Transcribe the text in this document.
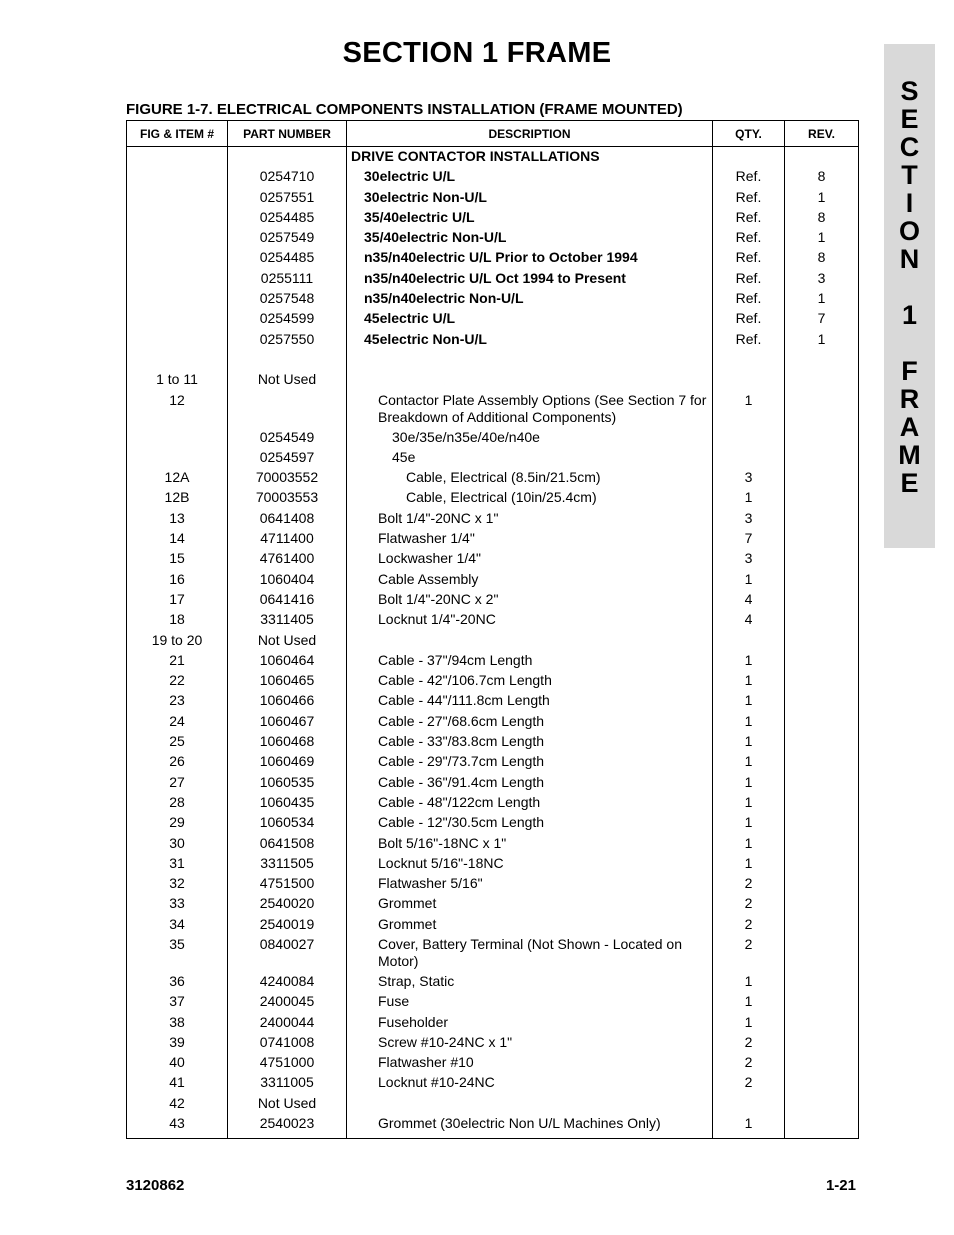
SECTION 1 FRAME
S
E
C
T
I
O
N
1
F
R
A
M
E
FIGURE 1-7. ELECTRICAL COMPONENTS INSTALLATION (FRAME MOUNTED)
FIG & ITEM #	PART NUMBER	DESCRIPTION	QTY.	REV.

		DRIVE CONTACTOR INSTALLATIONS		

	0254710	30electric U/L	Ref.	8
	0257551	30electric Non-U/L	Ref.	1
	0254485	35/40electric U/L	Ref.	8
	0257549	35/40electric Non-U/L	Ref.	1
	0254485	n35/n40electric U/L Prior to October 1994	Ref.	8
	0255111	n35/n40electric U/L Oct 1994 to Present	Ref.	3
	0257548	n35/n40electric Non-U/L	Ref.	1
	0254599	45electric U/L	Ref.	7
	0257550	45electric Non-U/L	Ref.	1

1 to 11	Not Used	

12		Contactor Plate Assembly Options (See Section 7 for
Breakdown of Additional Components)	1	
	0254549	30e/35e/n35e/40e/n40e		

	0254597	45e		

12A	70003552	Cable, Electrical (8.5in/21.5cm)	3	
12B	70003553	Cable, Electrical (10in/25.4cm)	1	
13	0641408	Bolt 1/4"-20NC x 1"	3	
14	4711400	Flatwasher 1/4"	7	
15	4761400	Lockwasher 1/4"	3	
16	1060404	Cable Assembly	1	
17	0641416	Bolt 1/4"-20NC x 2"	4	
18	3311405	Locknut 1/4"-20NC	4	
19 to 20	Not Used	

21	1060464	Cable - 37"/94cm Length	1	
22	1060465	Cable - 42"/106.7cm Length	1	
23	1060466	Cable - 44"/111.8cm Length	1	
24	1060467	Cable - 27"/68.6cm Length	1	
25	1060468	Cable - 33"/83.8cm Length	1	
26	1060469	Cable - 29"/73.7cm Length	1	
27	1060535	Cable - 36"/91.4cm Length	1	
28	1060435	Cable - 48"/122cm Length	1	
29	1060534	Cable - 12"/30.5cm Length	1	
30	0641508	Bolt 5/16"-18NC x 1"	1	
31	3311505	Locknut 5/16"-18NC	1	
32	4751500	Flatwasher 5/16"	2	
33	2540020	Grommet	2	
34	2540019	Grommet	2	
35	0840027	Cover, Battery Terminal (Not Shown - Located on
Motor)	2	
36	4240084	Strap, Static	1	
37	2400045	Fuse	1	
38	2400044	Fuseholder	1	
39	0741008	Screw #10-24NC x 1"	2	
40	4751000	Flatwasher #10	2	
41	3311005	Locknut #10-24NC	2	
42	Not Used	

43	2540023	Grommet (30electric Non U/L Machines Only)	1	
3120862	1-21
